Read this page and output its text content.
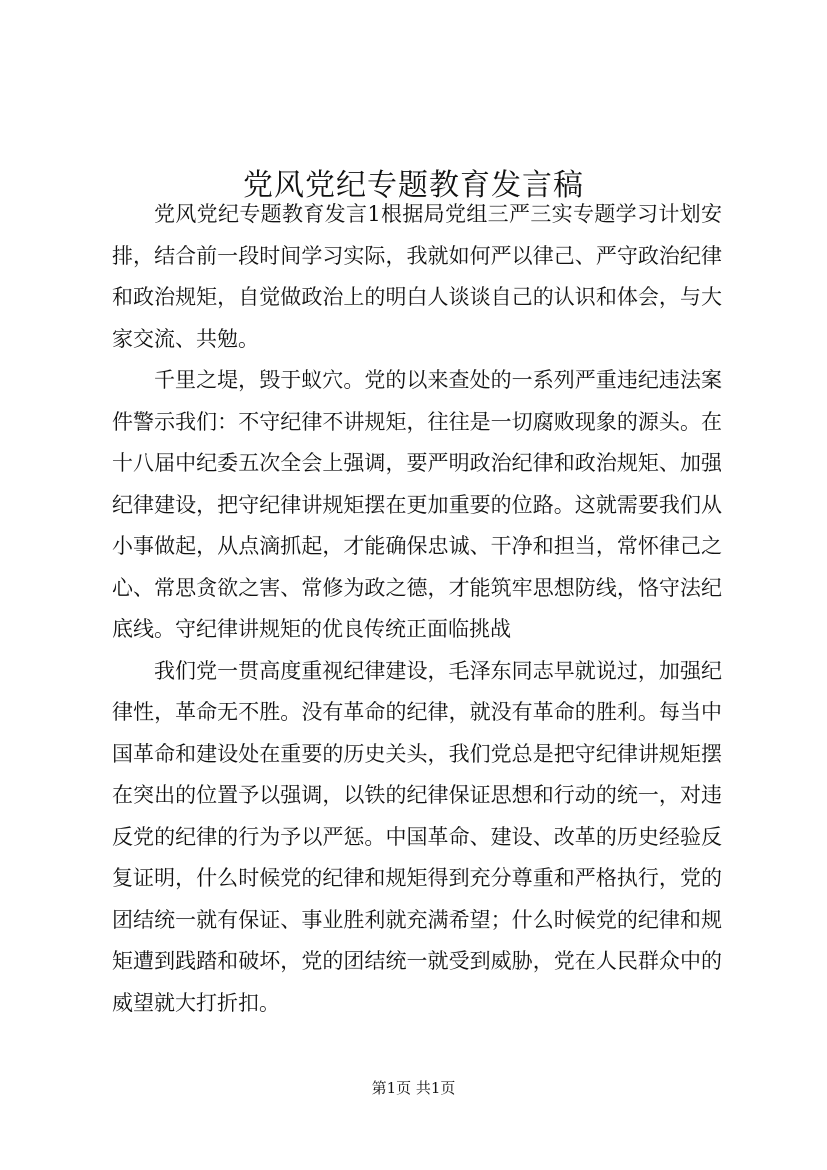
党风党纪专题教育发言稿

党风党纪专题教育发言1根据局党组三严三实专题学习计划安排，结合前一段时间学习实际，我就如何严以律己、严守政治纪律和政治规矩，自觉做政治上的明白人谈谈自己的认识和体会，与大家交流、共勉。

千里之堤，毁于蚁穴。党的以来查处的一系列严重违纪违法案件警示我们：不守纪律不讲规矩，往往是一切腐败现象的源头。在十八届中纪委五次全会上强调，要严明政治纪律和政治规矩、加强纪律建设，把守纪律讲规矩摆在更加重要的位路。这就需要我们从小事做起，从点滴抓起，才能确保忠诚、干净和担当，常怀律己之心、常思贪欲之害、常修为政之德，才能筑牢思想防线，恪守法纪底线。守纪律讲规矩的优良传统正面临挑战

我们党一贯高度重视纪律建设，毛泽东同志早就说过，加强纪律性，革命无不胜。没有革命的纪律，就没有革命的胜利。每当中国革命和建设处在重要的历史关头，我们党总是把守纪律讲规矩摆在突出的位置予以强调，以铁的纪律保证思想和行动的统一，对违反党的纪律的行为予以严惩。中国革命、建设、改革的历史经验反复证明，什么时候党的纪律和规矩得到充分尊重和严格执行，党的团结统一就有保证、事业胜利就充满希望；什么时候党的纪律和规矩遭到践踏和破坏，党的团结统一就受到威胁，党在人民群众中的威望就大打折扣。

第1页 共1页
